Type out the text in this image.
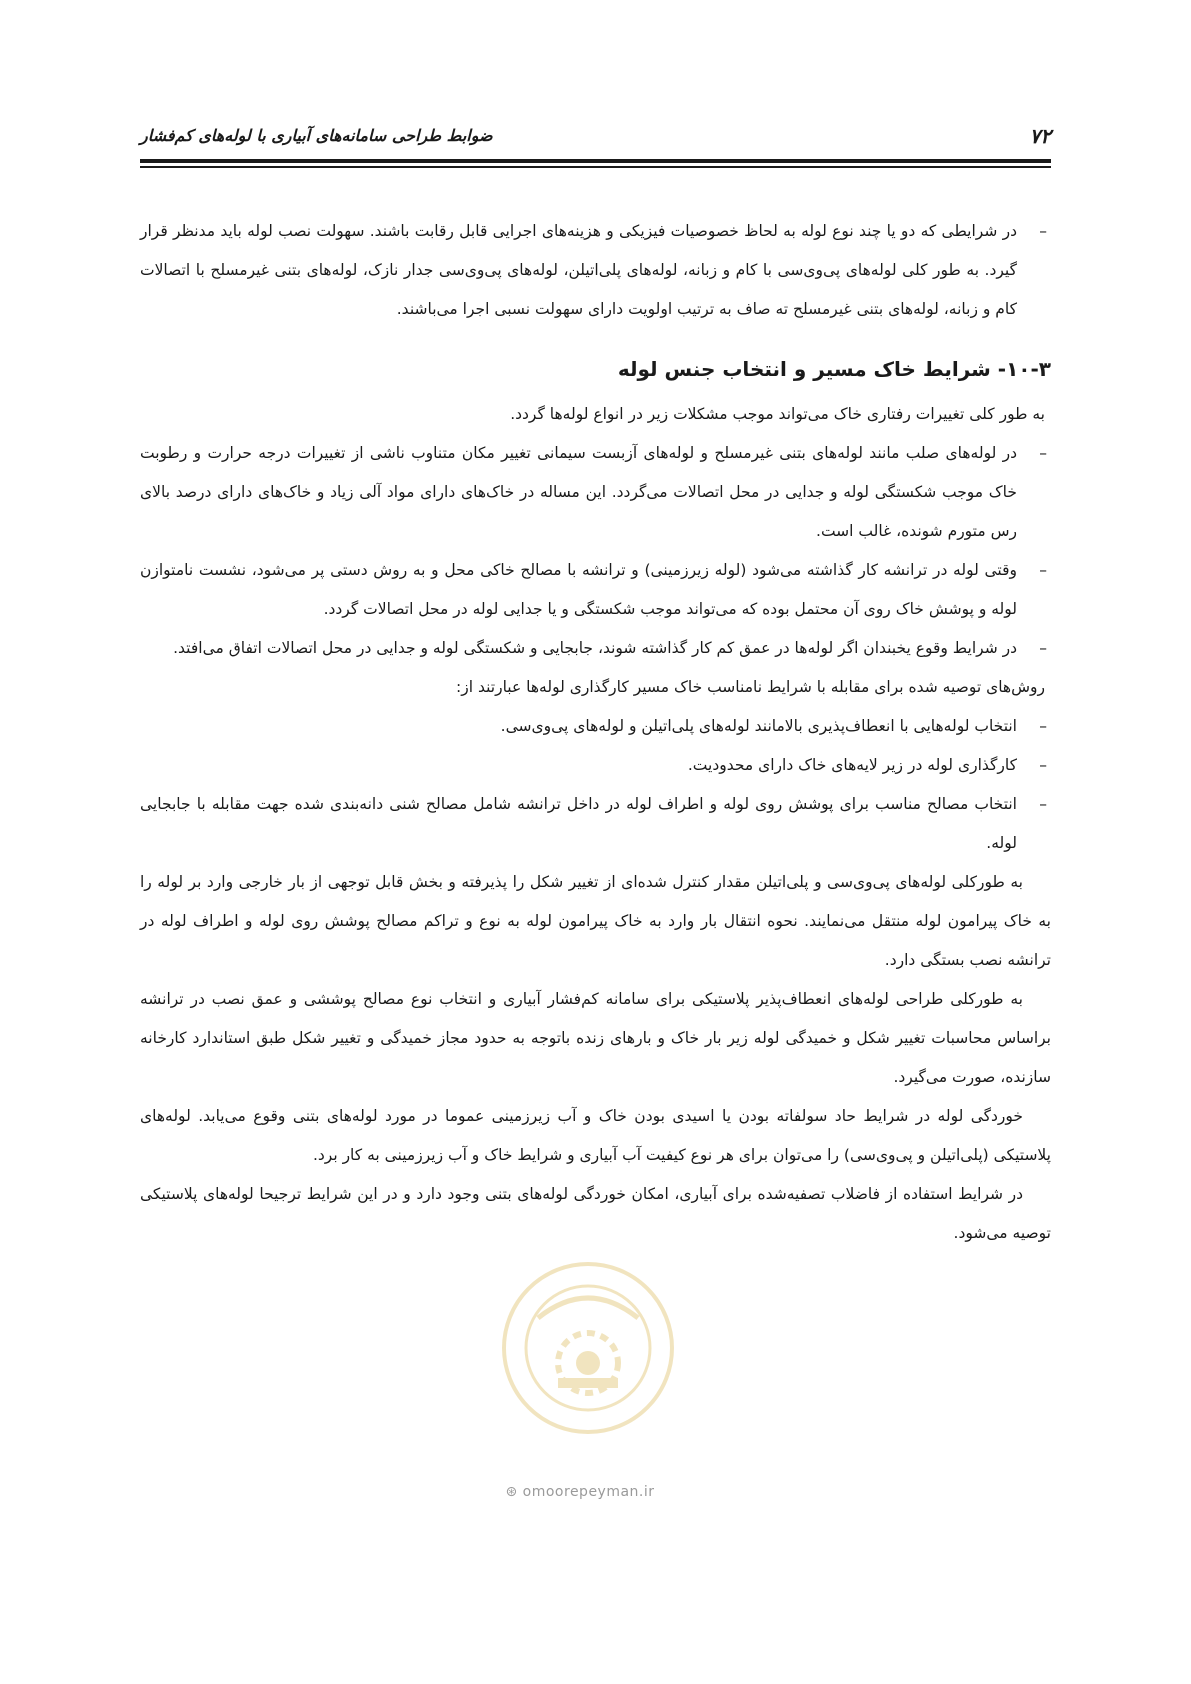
۷۲
ضوابط طراحی سامانه‌های آبیاری با لوله‌های کم‌فشار

– در شرایطی که دو یا چند نوع لوله به لحاظ خصوصیات فیزیکی و هزینه‌های اجرایی قابل رقابت باشند. سهولت نصب لوله باید مدنظر قرار گیرد. به طور کلی لوله‌های پی‌وی‌سی با کام و زبانه، لوله‌های پلی‌اتیلن، لوله‌های پی‌وی‌سی جدار نازک، لوله‌های بتنی غیرمسلح با اتصالات کام و زبانه، لوله‌های بتنی غیرمسلح ته صاف به ترتیب اولویت دارای سهولت نسبی اجرا می‌باشند.

۱۰-۳- شرایط خاک مسیر و انتخاب جنس لوله

به طور کلی تغییرات رفتاری خاک می‌تواند موجب مشکلات زیر در انواع لوله‌ها گردد.

– در لوله‌های صلب مانند لوله‌های بتنی غیرمسلح و لوله‌های آزبست سیمانی تغییر مکان متناوب ناشی از تغییرات درجه حرارت و رطوبت خاک موجب شکستگی لوله و جدایی در محل اتصالات می‌گردد. این مساله در خاک‌های دارای مواد آلی زیاد و خاک‌های دارای درصد بالای رس متورم شونده، غالب است.

– وقتی لوله در ترانشه کار گذاشته می‌شود (لوله زیرزمینی) و ترانشه با مصالح خاکی محل و به روش دستی پر می‌شود، نشست نامتوازن لوله و پوشش خاک روی آن محتمل بوده که می‌تواند موجب شکستگی و یا جدایی لوله در محل اتصالات گردد.

– در شرایط وقوع یخبندان اگر لوله‌ها در عمق کم کار گذاشته شوند، جابجایی و شکستگی لوله و جدایی در محل اتصالات اتفاق می‌افتد.

روش‌های توصیه شده برای مقابله با شرایط نامناسب خاک مسیر کارگذاری لوله‌ها عبارتند از:

– انتخاب لوله‌هایی با انعطاف‌پذیری بالامانند لوله‌های پلی‌اتیلن و لوله‌های پی‌وی‌سی.

– کارگذاری لوله در زیر لایه‌های خاک دارای محدودیت.

– انتخاب مصالح مناسب برای پوشش روی لوله و اطراف لوله در داخل ترانشه شامل مصالح شنی دانه‌بندی شده جهت مقابله با جابجایی لوله.

به طورکلی لوله‌های پی‌وی‌سی و پلی‌اتیلن مقدار کنترل شده‌ای از تغییر شکل را پذیرفته و بخش قابل توجهی از بار خارجی وارد بر لوله را به خاک پیرامون لوله منتقل می‌نمایند. نحوه انتقال بار وارد به خاک پیرامون لوله به نوع و تراکم مصالح پوشش روی لوله و اطراف لوله در ترانشه نصب بستگی دارد.

به طورکلی طراحی لوله‌های انعطاف‌پذیر پلاستیکی برای سامانه کم‌فشار آبیاری و انتخاب نوع مصالح پوششی و عمق نصب در ترانشه براساس محاسبات تغییر شکل و خمیدگی لوله زیر بار خاک و بارهای زنده باتوجه به حدود مجاز خمیدگی و تغییر شکل طبق استاندارد کارخانه سازنده، صورت می‌گیرد.

خوردگی لوله در شرایط حاد سولفاته بودن یا اسیدی بودن خاک و آب زیرزمینی عموما در مورد لوله‌های بتنی وقوع می‌یابد. لوله‌های پلاستیکی (پلی‌اتیلن و پی‌وی‌سی) را می‌توان برای هر نوع کیفیت آب آبیاری و شرایط خاک و آب زیرزمینی به کار برد.

در شرایط استفاده از فاضلاب تصفیه‌شده برای آبیاری، امکان خوردگی لوله‌های بتنی وجود دارد و در این شرایط ترجیحا لوله‌های پلاستیکی توصیه می‌شود.

⊛ omoorepeyman.ir
